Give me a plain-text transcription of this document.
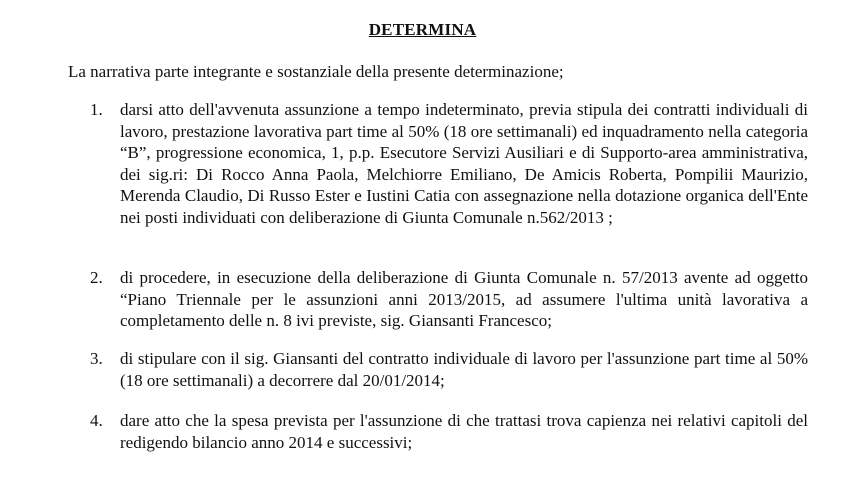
DETERMINA
La narrativa parte integrante e sostanziale della presente determinazione;
1.	darsi atto dell'avvenuta assunzione a tempo indeterminato, previa stipula dei contratti individuali di lavoro, prestazione lavorativa part time al 50% (18 ore settimanali) ed inquadramento nella categoria “B”, progressione economica, 1, p.p. Esecutore Servizi Ausiliari e di Supporto-area amministrativa, dei sig.ri: Di Rocco Anna Paola, Melchiorre Emiliano, De Amicis Roberta, Pompilii Maurizio, Merenda Claudio, Di Russo Ester e Iustini Catia con assegnazione nella dotazione organica dell'Ente nei posti individuati con deliberazione di Giunta Comunale n.562/2013 ;
2.	di procedere, in esecuzione della deliberazione di Giunta Comunale n. 57/2013 avente ad oggetto “Piano Triennale per le assunzioni anni 2013/2015, ad assumere l'ultima unità lavorativa a completamento delle n. 8 ivi previste, sig. Giansanti Francesco;
3.	di stipulare con il sig. Giansanti del contratto individuale di lavoro per l'assunzione part time al 50% (18 ore settimanali) a decorrere dal 20/01/2014;
4.	dare atto che la spesa prevista per l'assunzione di che trattasi trova capienza nei relativi capitoli del redigendo bilancio anno 2014 e successivi;
